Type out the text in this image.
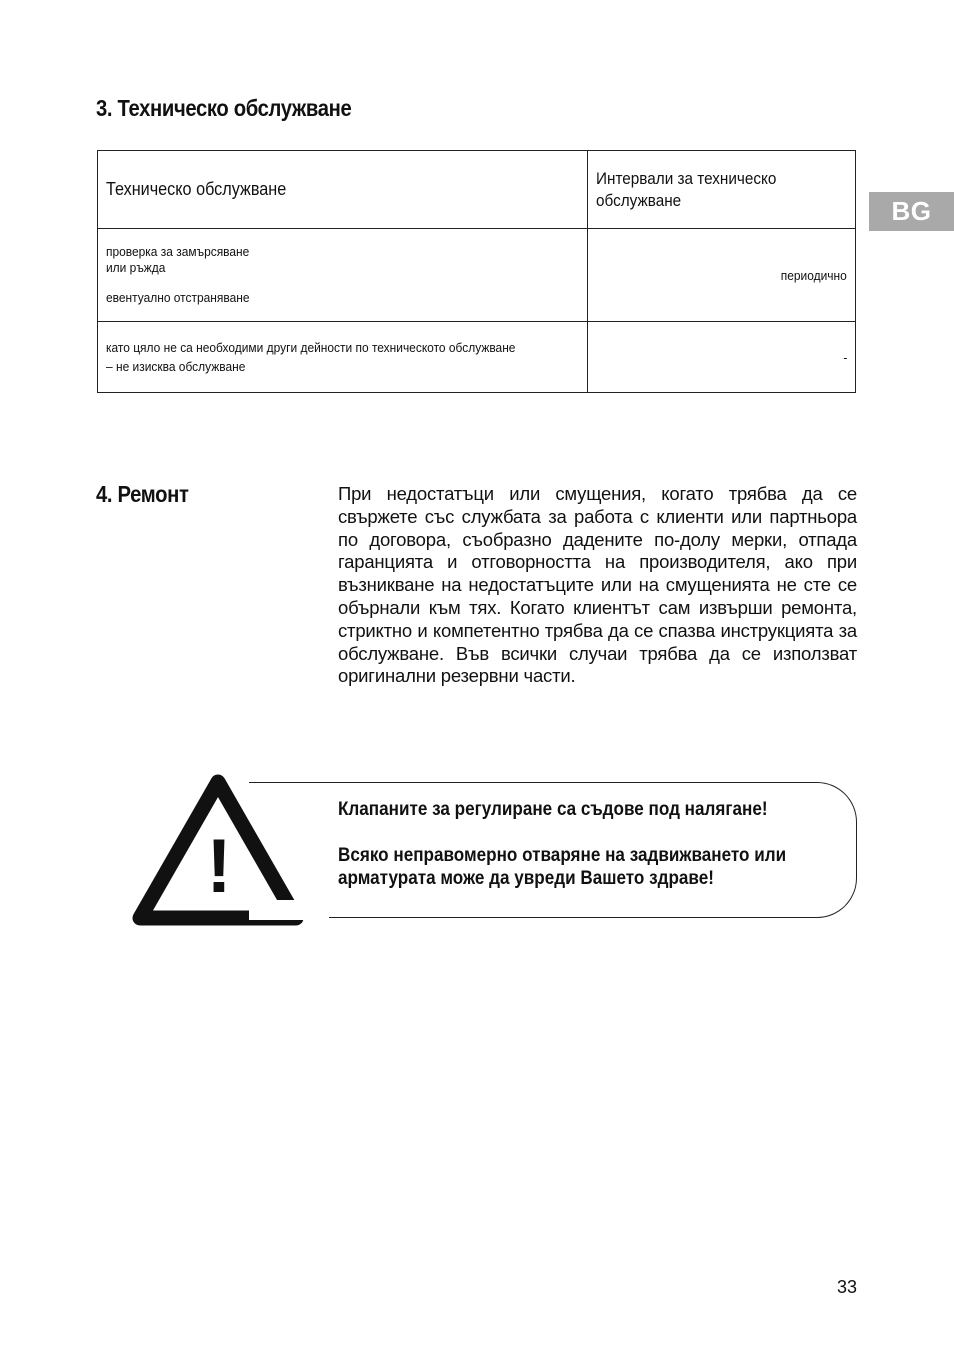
3. Техническо обслужване
BG
Техническо обслужване	Интервали за техническо
обслужване
проверка за замърсяване
или ръжда
евентуално отстраняване	периодично
като цяло не са необходими други дейности по техническото обслужване
– не изисква обслужване	-
4. Ремонт	При недостатъци или смущения, когато трябва да се свържете със службата за работа с клиенти или партньора по договора, съобразно дадените по-долу мерки, отпада гаранцията и отговорността на производителя, ако при възникване на недостатъците или на смущенията не сте се обърнали към тях. Когато клиентът сам извърши ремонта, стриктно и компетентно трябва да се спазва инструкцията за обслужване. Във всички случаи трябва да се използват оригинални резервни части.
!

Клапаните за регулиране са съдове под налягане!

Всяко неправомерно отваряне на задвижването или

арматурата може да увреди Вашето здраве!

33
